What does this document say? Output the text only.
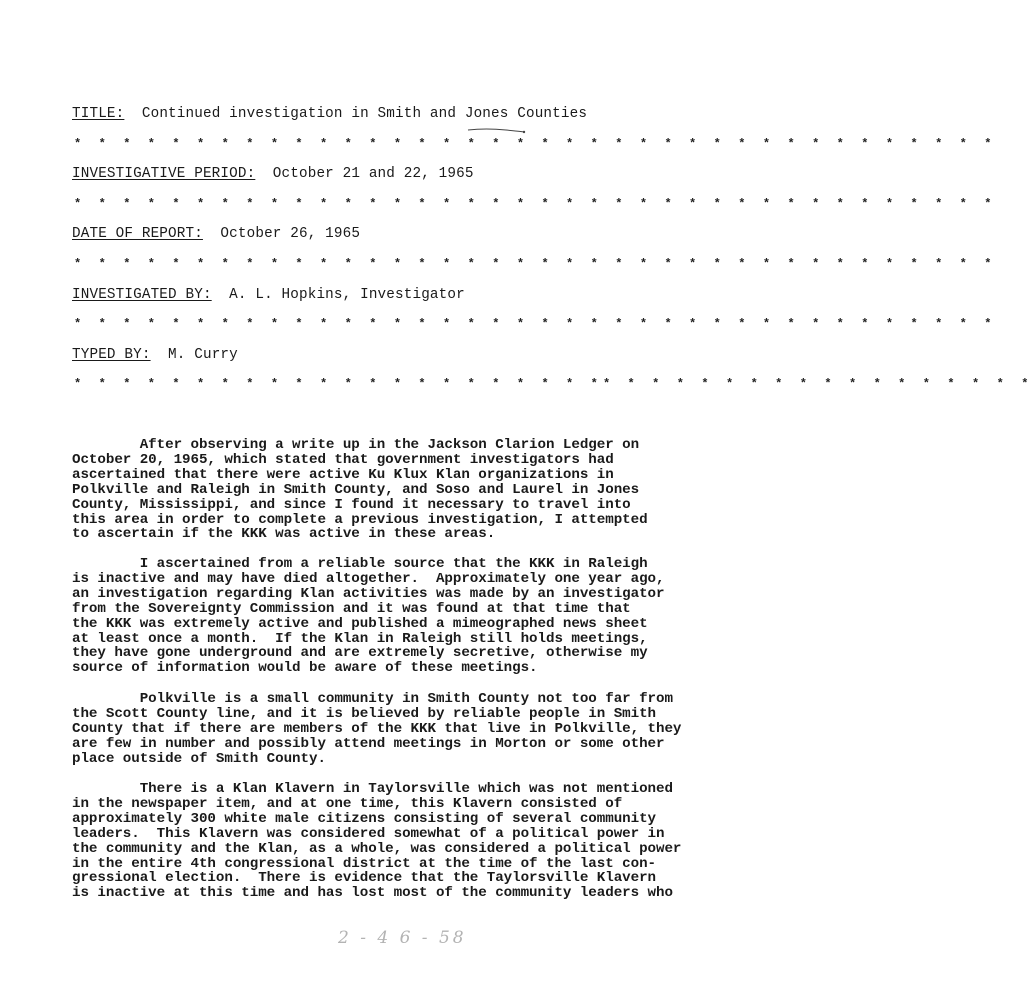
TITLE: Continued investigation in Smith and Jones Counties
* * * * * * * * * * * * * * * * * * * * * * * * * * * * * * * * * * * * * *
INVESTIGATIVE PERIOD: October 21 and 22, 1965
* * * * * * * * * * * * * * * * * * * * * * * * * * * * * * * * * * * * * *
DATE OF REPORT: October 26, 1965
* * * * * * * * * * * * * * * * * * * * * * * * * * * * * * * * * * * * * *
INVESTIGATED BY: A. L. Hopkins, Investigator
* * * * * * * * * * * * * * * * * * * * * * * * * * * * * * * * * * * * * *
TYPED BY: M. Curry
* * * * * * * * * * * * * * * * * * * * * ** * * * * * * * * * * * * * * * * *
After observing a write up in the Jackson Clarion Ledger on
October 20, 1965, which stated that government investigators had
ascertained that there were active Ku Klux Klan organizations in
Polkville and Raleigh in Smith County, and Soso and Laurel in Jones
County, Mississippi, and since I found it necessary to travel into
this area in order to complete a previous investigation, I attempted
to ascertain if the KKK was active in these areas.
I ascertained from a reliable source that the KKK in Raleigh
is inactive and may have died altogether.  Approximately one year ago,
an investigation regarding Klan activities was made by an investigator
from the Sovereignty Commission and it was found at that time that
the KKK was extremely active and published a mimeographed news sheet
at least once a month.  If the Klan in Raleigh still holds meetings,
they have gone underground and are extremely secretive, otherwise my
source of information would be aware of these meetings.
Polkville is a small community in Smith County not too far from
the Scott County line, and it is believed by reliable people in Smith
County that if there are members of the KKK that live in Polkville, they
are few in number and possibly attend meetings in Morton or some other
place outside of Smith County.
There is a Klan Klavern in Taylorsville which was not mentioned
in the newspaper item, and at one time, this Klavern consisted of
approximately 300 white male citizens consisting of several community
leaders.  This Klavern was considered somewhat of a political power in
the community and the Klan, as a whole, was considered a political power
in the entire 4th congressional district at the time of the last con-
gressional election.  There is evidence that the Taylorsville Klavern
is inactive at this time and has lost most of the community leaders who
2 - 4 6 - 58
